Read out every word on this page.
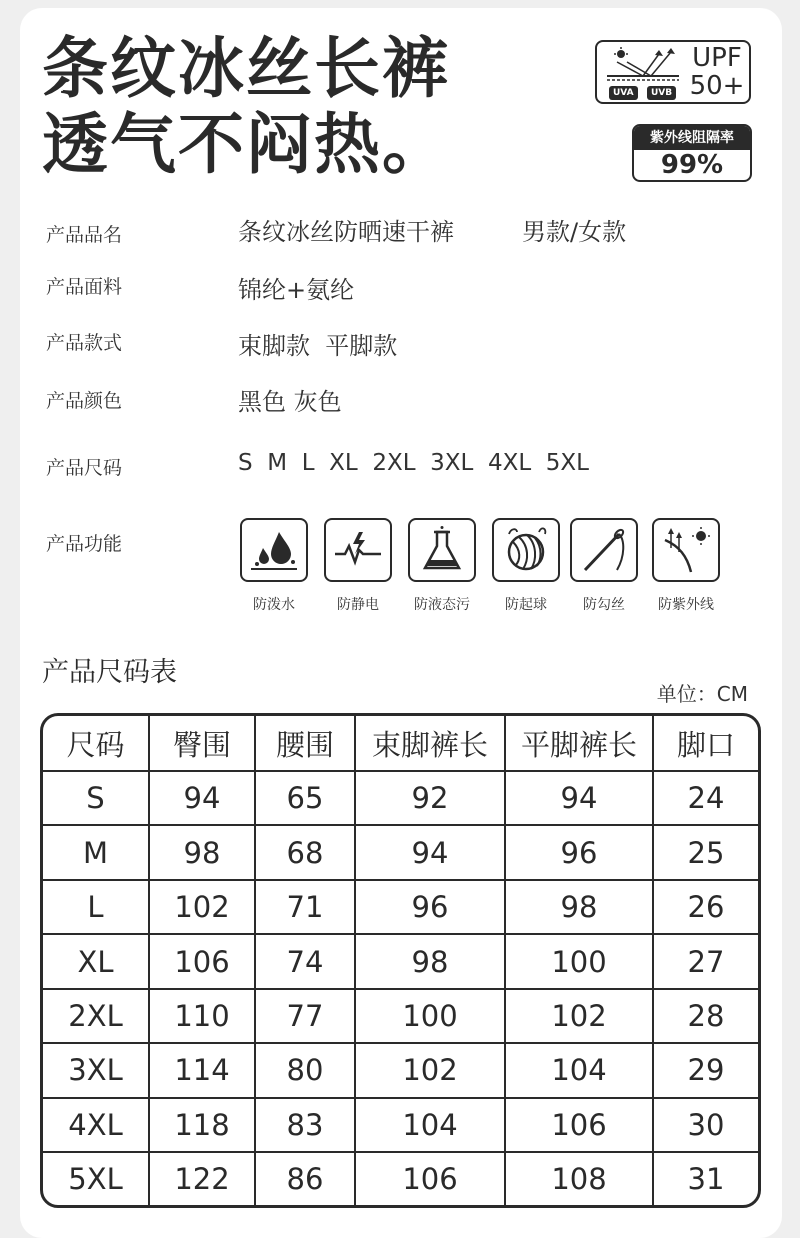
条纹冰丝长裤
透气不闷热。
UVA	UVB
UPF
50+
紫外线阻隔率
99%
产品品名	条纹冰丝防晒速干裤	男款/女款
产品面料	锦纶+氨纶
产品款式	束脚款  平脚款
产品颜色	黑色 灰色
产品尺码	S  M  L  XL  2XL  3XL  4XL  5XL
产品功能
防泼水	防静电	防液态污	防起球	防勾丝	防紫外线
产品尺码表
单位：CM
尺码	臀围	腰围	束脚裤长	平脚裤长	脚口
S	94	65	92	94	24
M	98	68	94	96	25
L	102	71	96	98	26
XL	106	74	98	100	27
2XL	110	77	100	102	28
3XL	114	80	102	104	29
4XL	118	83	104	106	30
5XL	122	86	106	108	31
